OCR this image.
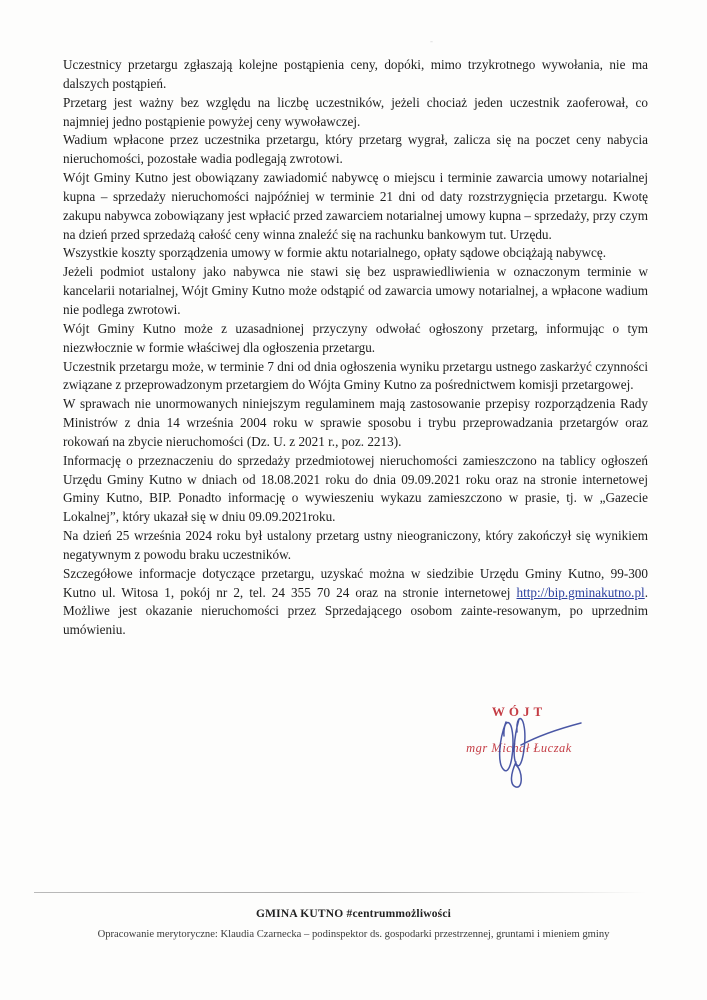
-

Uczestnicy przetargu zgłaszają kolejne postąpienia ceny, dopóki, mimo trzykrotnego wywołania, nie ma dalszych postąpień.

Przetarg jest ważny bez względu na liczbę uczestników, jeżeli chociaż jeden uczestnik zaoferował, co najmniej jedno postąpienie powyżej ceny wywoławczej.

Wadium wpłacone przez uczestnika przetargu, który przetarg wygrał, zalicza się na poczet ceny nabycia nieruchomości, pozostałe wadia podlegają zwrotowi.

Wójt Gminy Kutno jest obowiązany zawiadomić nabywcę o miejscu i terminie zawarcia umowy notarialnej kupna – sprzedaży nieruchomości najpóźniej w terminie 21 dni od daty rozstrzygnięcia przetargu. Kwotę zakupu nabywca zobowiązany jest wpłacić przed zawarciem notarialnej umowy kupna – sprzedaży, przy czym na dzień przed sprzedażą całość ceny winna znaleźć się na rachunku bankowym tut. Urzędu.

Wszystkie koszty sporządzenia umowy w formie aktu notarialnego, opłaty sądowe obciążają nabywcę.

Jeżeli podmiot ustalony jako nabywca nie stawi się bez usprawiedliwienia w oznaczonym terminie w kancelarii notarialnej, Wójt Gminy Kutno może odstąpić od zawarcia umowy notarialnej, a wpłacone wadium nie podlega zwrotowi.

Wójt Gminy Kutno może z uzasadnionej przyczyny odwołać ogłoszony przetarg, informując o tym niezwłocznie w formie właściwej dla ogłoszenia przetargu.

Uczestnik przetargu może, w terminie 7 dni od dnia ogłoszenia wyniku przetargu ustnego zaskarżyć czynności związane z przeprowadzonym przetargiem do Wójta Gminy Kutno za pośrednictwem komisji przetargowej.

W sprawach nie unormowanych niniejszym regulaminem mają zastosowanie przepisy rozporządzenia Rady Ministrów z dnia 14 września 2004 roku w sprawie sposobu i trybu przeprowadzania przetargów oraz rokowań na zbycie nieruchomości (Dz. U. z 2021 r., poz. 2213).

Informację o przeznaczeniu do sprzedaży przedmiotowej nieruchomości zamieszczono na tablicy ogłoszeń Urzędu Gminy Kutno w dniach od 18.08.2021 roku do dnia 09.09.2021 roku oraz na stronie internetowej Gminy Kutno, BIP. Ponadto informację o wywieszeniu wykazu zamieszczono w prasie, tj. w „Gazecie Lokalnej”, który ukazał się w dniu 09.09.2021roku.

Na dzień 25 września 2024 roku był ustalony przetarg ustny nieograniczony, który zakończył się wynikiem negatywnym z powodu braku uczestników.

Szczegółowe informacje dotyczące przetargu, uzyskać można w siedzibie Urzędu Gminy Kutno, 99-300 Kutno ul. Witosa 1, pokój nr 2, tel. 24 355 70 24 oraz na stronie internetowej http://bip.gminakutno.pl. Możliwe jest okazanie nieruchomości przez Sprzedającego osobom zainte-resowanym, po uprzednim umówieniu.

WÓJT
mgr Michał Łuczak
GMINA KUTNO #centrummożliwości
Opracowanie merytoryczne: Klaudia Czarnecka – podinspektor ds. gospodarki przestrzennej, gruntami i mieniem gminy
